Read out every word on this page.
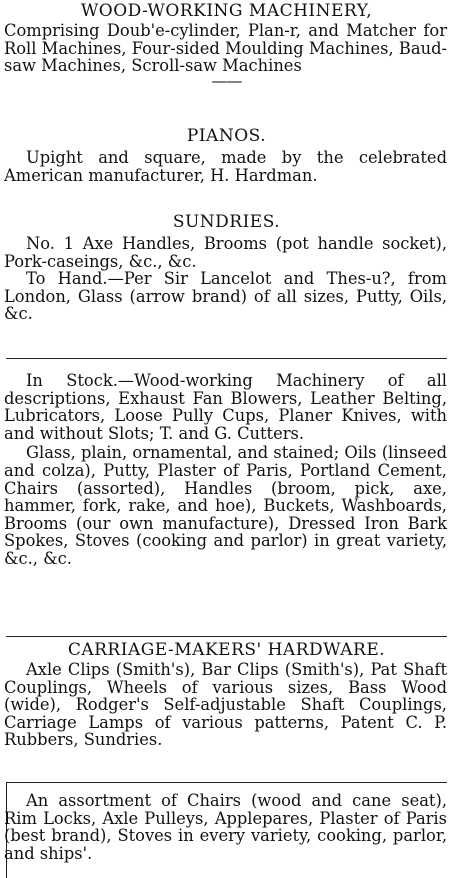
WOOD-WORKING MACHINERY,

Comprising Doub'e-cylinder, Plan-r, and Matcher for Roll Machines, Four-sided Moulding Machines, Baud-saw Machines, Scroll-saw Machines

——

PIANOS.

Upight and square, made by the celebrated American manufacturer, H. Hardman.

SUNDRIES.

No. 1 Axe Handles, Brooms (pot handle socket), Pork-caseings, &c., &c.

To Hand.—Per Sir Lancelot and Thes-u?, from London, Glass (arrow brand) of all sizes, Putty, Oils, &c.

In Stock.—Wood-working Machinery of all descriptions, Exhaust Fan Blowers, Leather Belting, Lubricators, Loose Pully Cups, Planer Knives, with and without Slots; T. and G. Cutters.

Glass, plain, ornamental, and stained; Oils (linseed and colza), Putty, Plaster of Paris, Portland Cement, Chairs (assorted), Handles (broom, pick, axe, hammer, fork, rake, and hoe), Buckets, Washboards, Brooms (our own manufacture), Dressed Iron Bark Spokes, Stoves (cooking and parlor) in great variety, &c., &c.

CARRIAGE-MAKERS' HARDWARE.

Axle Clips (Smith's), Bar Clips (Smith's), Pat Shaft Couplings, Wheels of various sizes, Bass Wood (wide), Rodger's Self-adjustable Shaft Couplings, Carriage Lamps of various patterns, Patent C. P. Rubbers, Sundries.

An assortment of Chairs (wood and cane seat), Rim Locks, Axle Pulleys, Applepares, Plaster of Paris (best brand), Stoves in every variety, cooking, parlor, and ships'.
